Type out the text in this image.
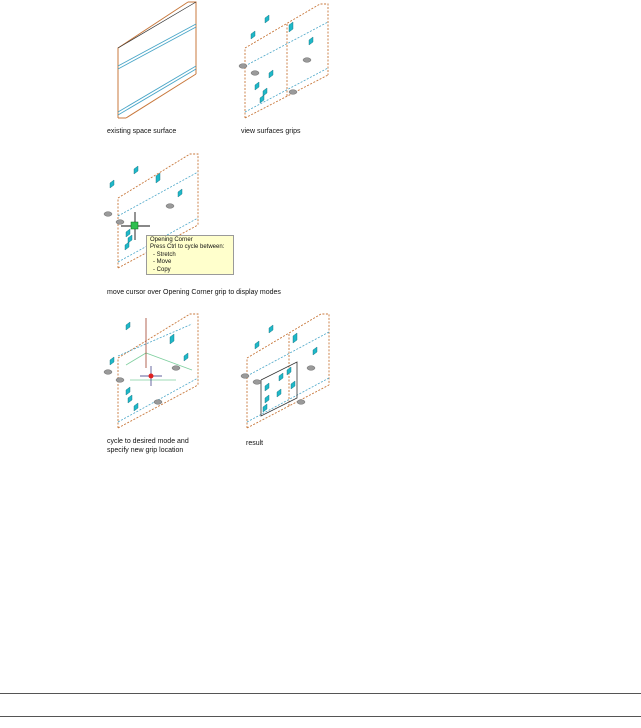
existing space surface	view surfaces grips
Opening Corner
Press Ctrl to cycle between:
- Stretch
- Move
- Copy
move cursor over Opening Corner grip to display modes
cycle to desired mode and
specify new grip location
result
